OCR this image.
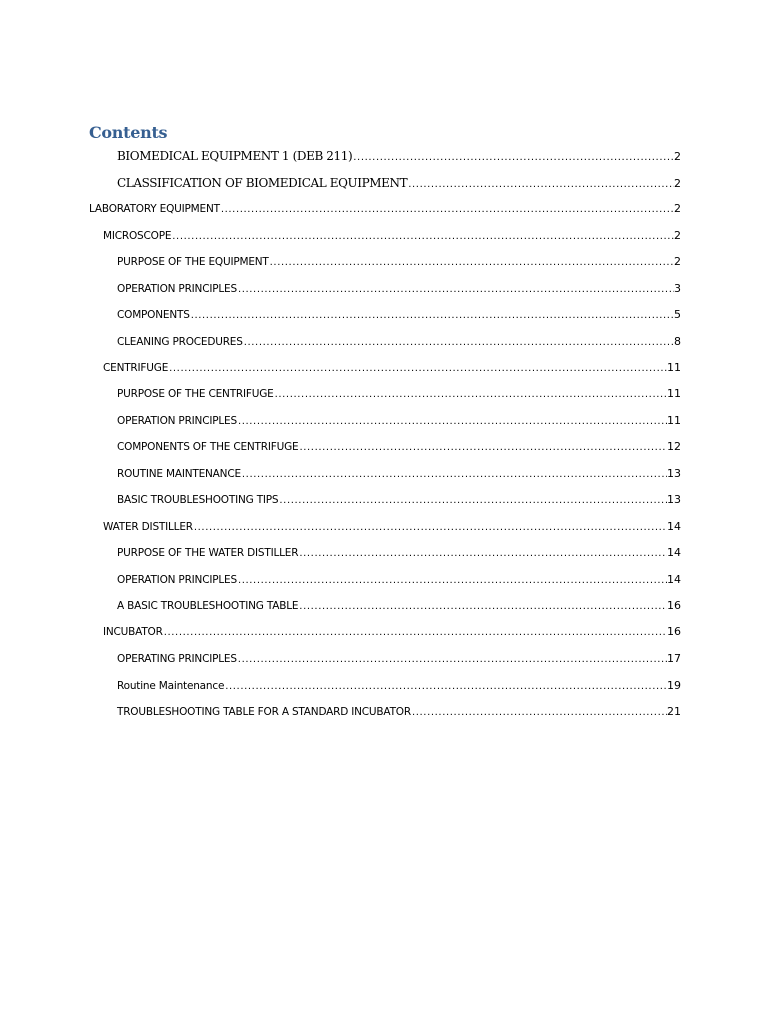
Contents
BIOMEDICAL EQUIPMENT 1 (DEB 211) .....	2
CLASSIFICATION OF BIOMEDICAL EQUIPMENT .....	2
LABORATORY EQUIPMENT .....	2
MICROSCOPE .....	2
PURPOSE OF THE EQUIPMENT .....	2
OPERATION PRINCIPLES .....	3
COMPONENTS .....	5
CLEANING PROCEDURES .....	8
CENTRIFUGE .....	11
PURPOSE OF THE CENTRIFUGE .....	11
OPERATION PRINCIPLES .....	11
COMPONENTS OF THE CENTRIFUGE .....	12
ROUTINE MAINTENANCE .....	13
BASIC TROUBLESHOOTING TIPS .....	13
WATER DISTILLER .....	14
PURPOSE OF THE WATER DISTILLER .....	14
OPERATION PRINCIPLES .....	14
A BASIC TROUBLESHOOTING TABLE .....	16
INCUBATOR .....	16
OPERATING PRINCIPLES .....	17
Routine Maintenance .....	19
TROUBLESHOOTING TABLE FOR A STANDARD INCUBATOR .....	21
